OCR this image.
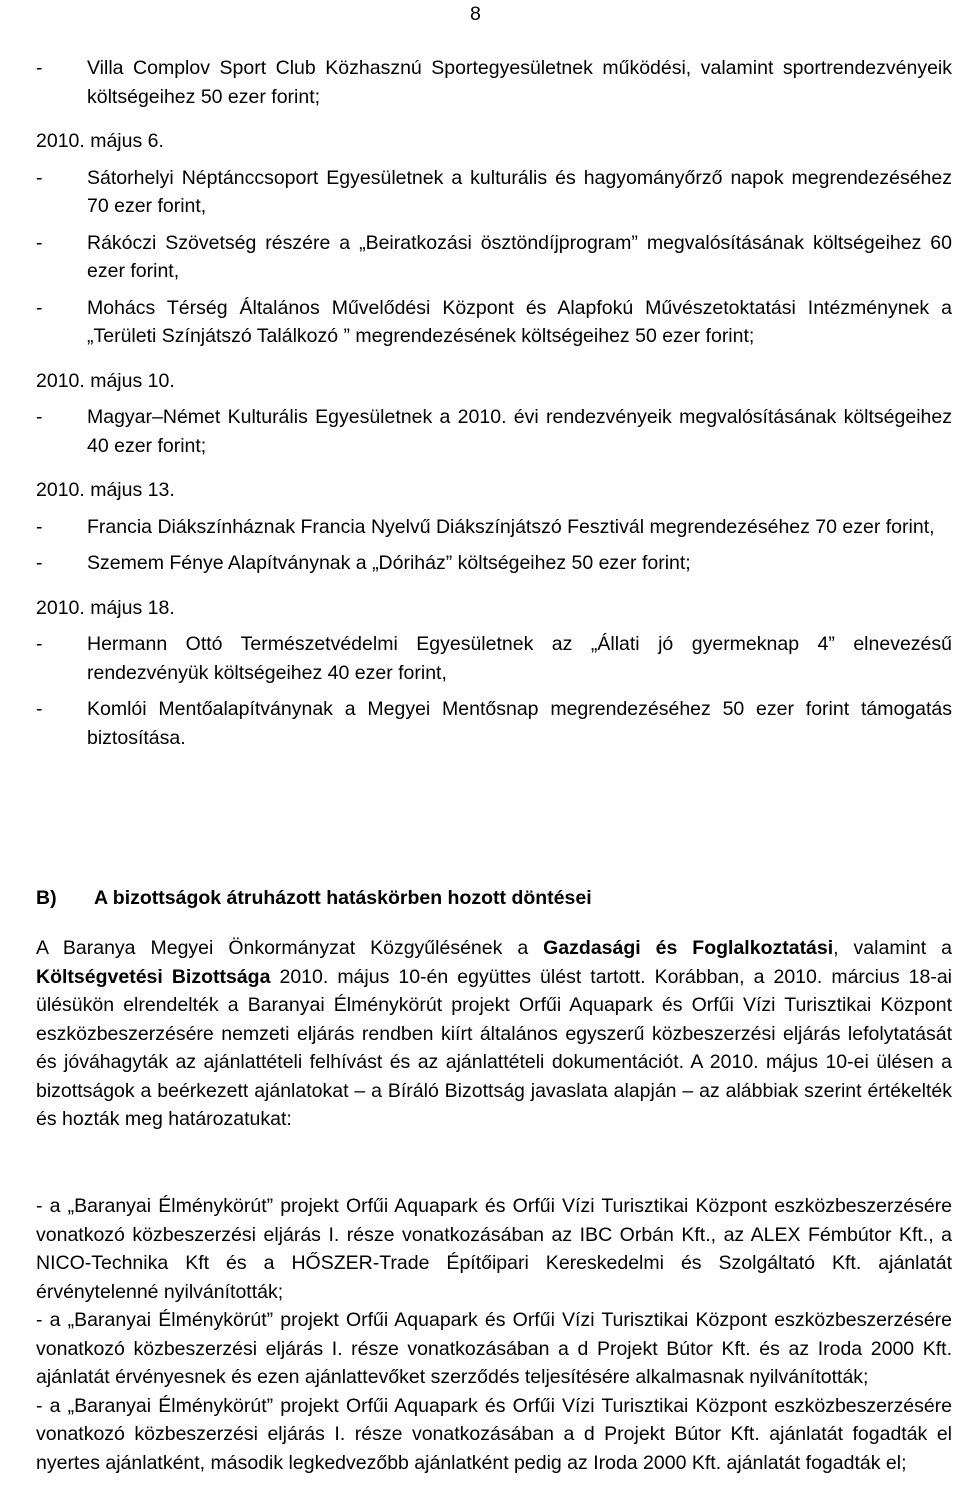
8
- Villa Complov Sport Club Közhasznú Sportegyesületnek működési, valamint sportrendezvényeik költségeihez 50 ezer forint;
2010. május 6.
- Sátorhelyi Néptánccsoport Egyesületnek a kulturális és hagyományőrző napok megrendezéséhez 70 ezer forint,
- Rákóczi Szövetség részére a „Beiratkozási ösztöndíjprogram” megvalósításának költségeihez 60 ezer forint,
- Mohács Térség Általános Művelődési Központ és Alapfokú Művészetoktatási Intézménynek a „Területi Színjátszó Találkozó ” megrendezésének költségeihez 50 ezer forint;
2010. május 10.
- Magyar–Német Kulturális Egyesületnek a 2010. évi rendezvényeik megvalósításának költségeihez 40 ezer forint;
2010. május 13.
- Francia Diákszínháznak Francia Nyelvű Diákszínjátszó Fesztivál megrendezéséhez 70 ezer forint,
- Szemem Fénye Alapítványnak a „Dóriház” költségeihez 50 ezer forint;
2010. május 18.
- Hermann Ottó Természetvédelmi Egyesületnek az „Állati jó gyermeknap 4” elnevezésű rendezvényük költségeihez 40 ezer forint,
- Komlói Mentőalapítványnak a Megyei Mentősnap megrendezéséhez 50 ezer forint támogatás biztosítása.
B) A bizottságok átruházott hatáskörben hozott döntései
A Baranya Megyei Önkormányzat Közgyűlésének a Gazdasági és Foglalkoztatási, valamint a Költségvetési Bizottsága 2010. május 10-én együttes ülést tartott. Korábban, a 2010. március 18-ai ülésükön elrendelték a Baranyai Élménykörút projekt Orfűi Aquapark és Orfűi Vízi Turisztikai Központ eszközbeszerzésére nemzeti eljárás rendben kiírt általános egyszerű közbeszerzési eljárás lefolytatását és jóváhagyták az ajánlattételi felhívást és az ajánlattételi dokumentációt. A 2010. május 10-ei ülésen a bizottságok a beérkezett ajánlatokat – a Bíráló Bizottság javaslata alapján – az alábbiak szerint értékelték és hozták meg határozatukat:
- a „Baranyai Élménykörút” projekt Orfűi Aquapark és Orfűi Vízi Turisztikai Központ eszközbeszerzésére vonatkozó közbeszerzési eljárás I. része vonatkozásában az IBC Orbán Kft., az ALEX Fémbútor Kft., a NICO-Technika Kft és a HŐSZER-Trade Építőipari Kereskedelmi és Szolgáltató Kft. ajánlatát érvénytelenné nyilvánították;
- a „Baranyai Élménykörút” projekt Orfűi Aquapark és Orfűi Vízi Turisztikai Központ eszközbeszerzésére vonatkozó közbeszerzési eljárás I. része vonatkozásában a d Projekt Bútor Kft. és az Iroda 2000 Kft. ajánlatát érvényesnek és ezen ajánlattevőket szerződés teljesítésére alkalmasnak nyilvánították;
- a „Baranyai Élménykörút” projekt Orfűi Aquapark és Orfűi Vízi Turisztikai Központ eszközbeszerzésére vonatkozó közbeszerzési eljárás I. része vonatkozásában a d Projekt Bútor Kft. ajánlatát fogadták el nyertes ajánlatként, második legkedvezőbb ajánlatként pedig az Iroda 2000 Kft. ajánlatát fogadták el;
